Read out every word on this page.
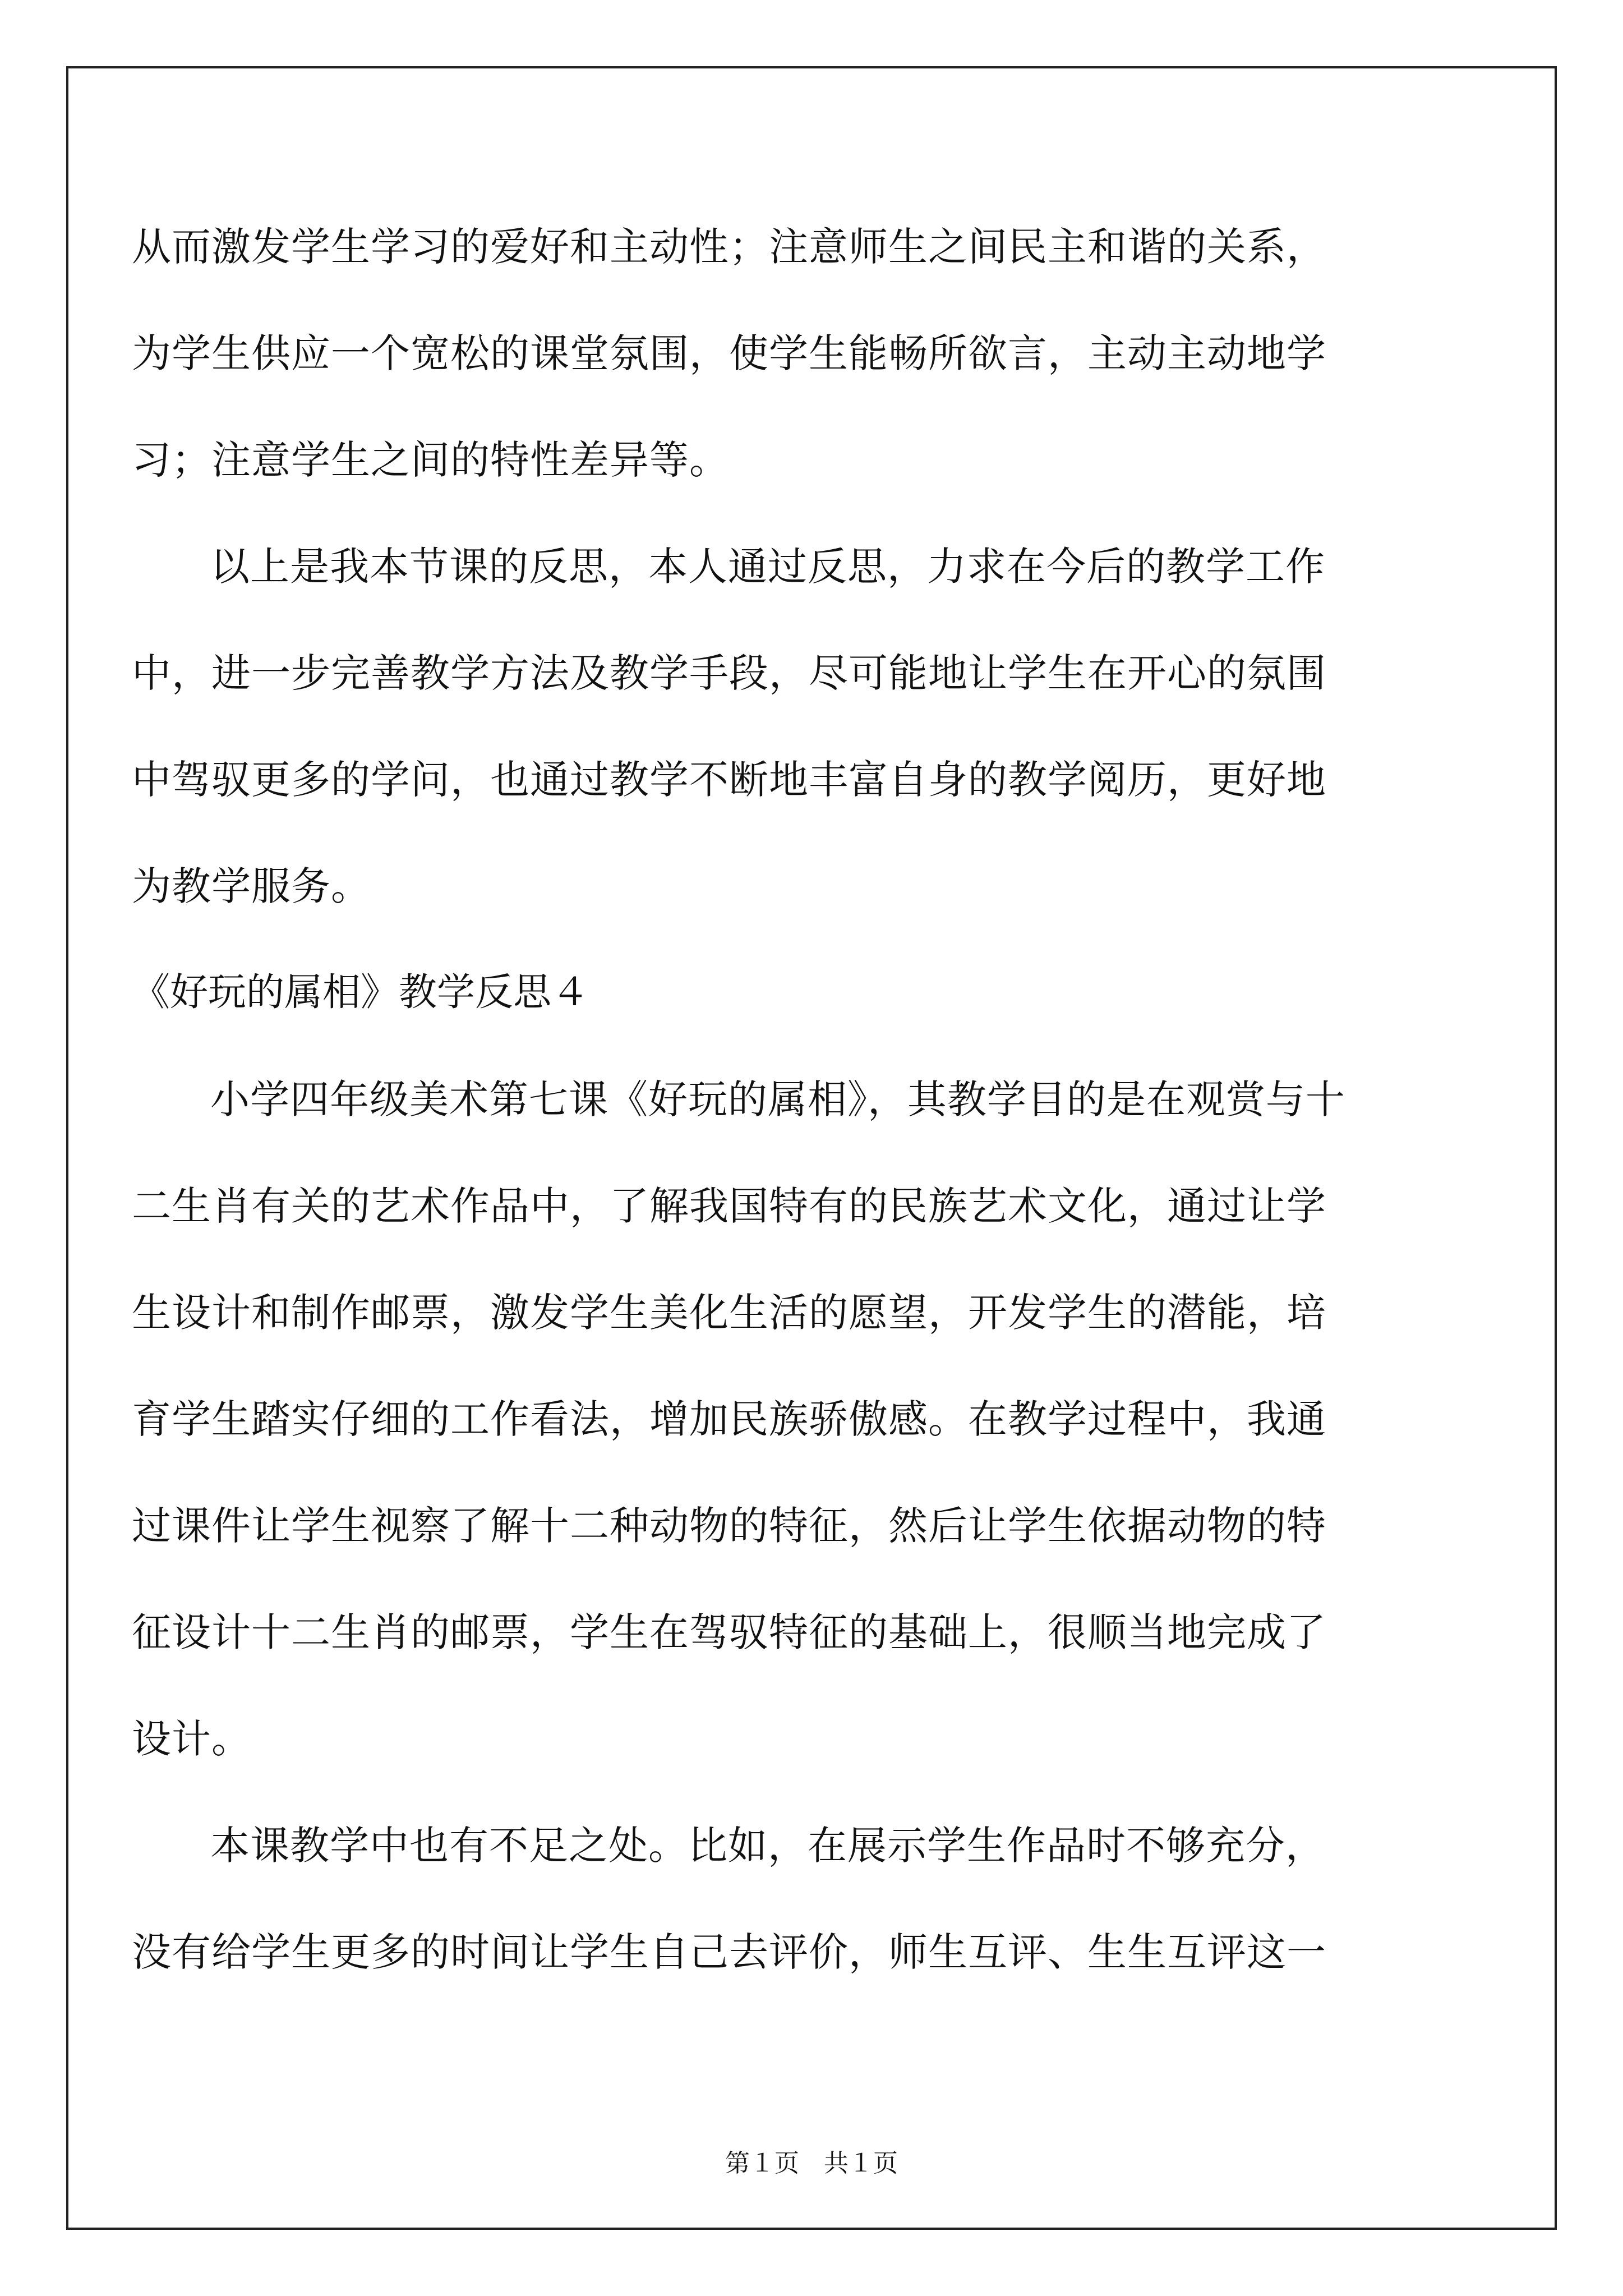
从而激发学生学习的爱好和主动性；注意师生之间民主和谐的关系，
为学生供应一个宽松的课堂氛围，使学生能畅所欲言，主动主动地学
习；注意学生之间的特性差异等。
以上是我本节课的反思，本人通过反思，力求在今后的教学工作
中，进一步完善教学方法及教学手段，尽可能地让学生在开心的氛围
中驾驭更多的学问，也通过教学不断地丰富自身的教学阅历，更好地
为教学服务。
《好玩的属相》教学反思４
小学四年级美术第七课《好玩的属相》，其教学目的是在观赏与十
二生肖有关的艺术作品中，了解我国特有的民族艺术文化，通过让学
生设计和制作邮票，激发学生美化生活的愿望，开发学生的潜能，培
育学生踏实仔细的工作看法，增加民族骄傲感。在教学过程中，我通
过课件让学生视察了解十二种动物的特征，然后让学生依据动物的特
征设计十二生肖的邮票，学生在驾驭特征的基础上，很顺当地完成了
设计。
本课教学中也有不足之处。比如，在展示学生作品时不够充分，
没有给学生更多的时间让学生自己去评价，师生互评、生生互评这一
第１页　共１页
